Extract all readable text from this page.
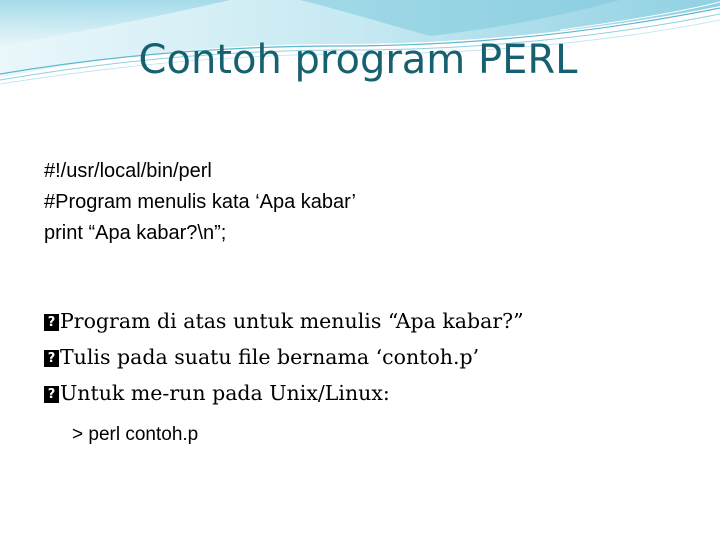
Contoh program PERL
#!/usr/local/bin/perl
#Program menulis kata ‘Apa kabar’
print “Apa kabar?\n”;
?
Program di atas untuk menulis “Apa kabar?”
?
Tulis pada suatu file bernama ‘contoh.p’
?
Untuk me-run pada Unix/Linux:
> perl contoh.p
